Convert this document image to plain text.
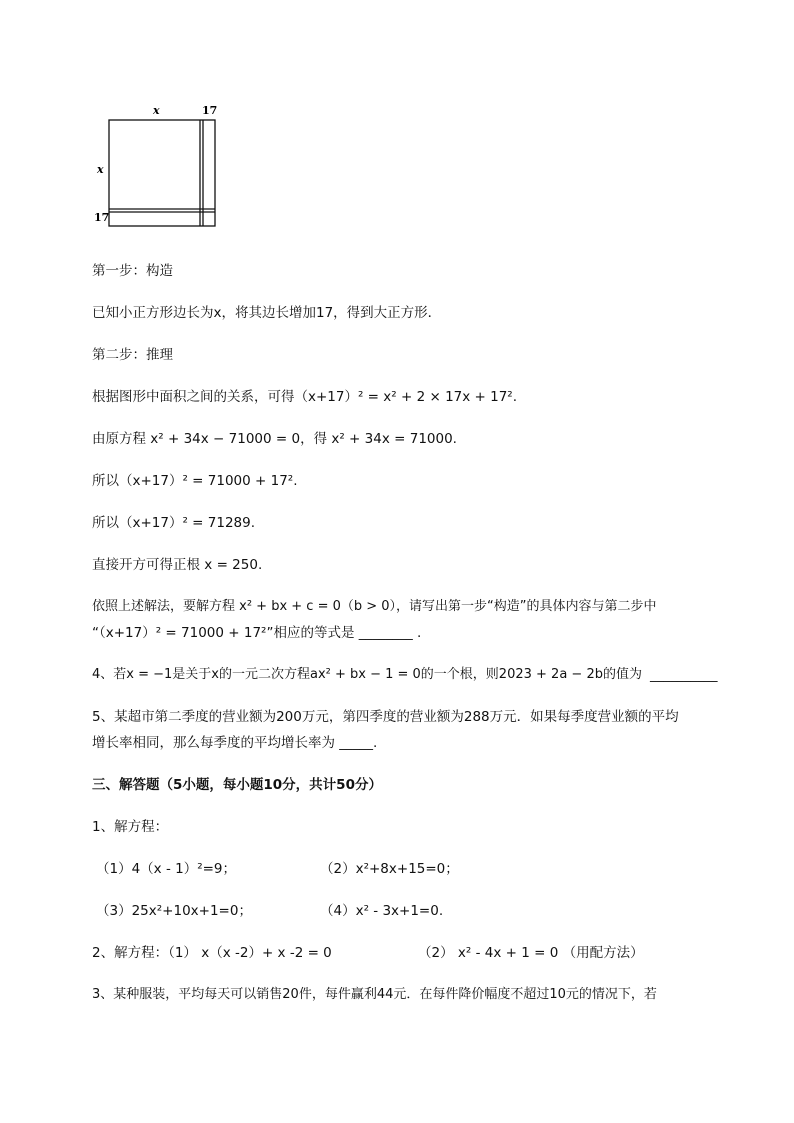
x	17
x
17
第一步：构造
已知小正方形边长为x，将其边长增加17，得到大正方形．
第二步：推理
根据图形中面积之间的关系，可得（x+17）² = x² + 2 × 17x + 17².
由原方程 x² + 34x − 71000 = 0，得 x² + 34x = 71000.
所以（x+17）² = 71000 + 17².
所以（x+17）² = 71289.
直接开方可得正根 x = 250.
依照上述解法，要解方程 x² + bx + c = 0（b > 0），请写出第一步“构造”的具体内容与第二步中
“（x+17）² = 71000 + 17²”相应的等式是 ________ .
4、若x = −1是关于x的一元二次方程ax² + bx − 1 = 0的一个根，则2023 + 2a − 2b的值为 __________
5、某超市第二季度的营业额为200万元，第四季度的营业额为288万元．如果每季度营业额的平均
增长率相同，那么每季度的平均增长率为 _____.
三、解答题（5小题，每小题10分，共计50分）
1、解方程：
（1）4（x - 1）²=9；	（2）x²+8x+15=0；
（3）25x²+10x+1=0；	（4）x² - 3x+1=0.
2、解方程：（1） x（x -2）+ x -2 = 0	（2） x² - 4x + 1 = 0 （用配方法）
3、某种服装，平均每天可以销售20件，每件赢利44元．在每件降价幅度不超过10元的情况下，若
